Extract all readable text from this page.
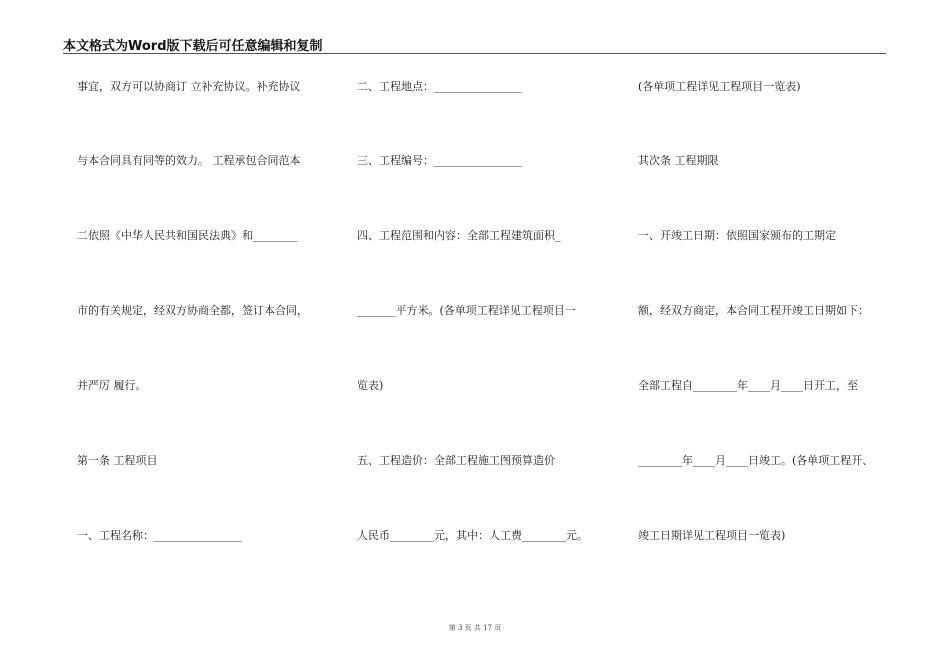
本文格式为Word版下载后可任意编辑和复制
事宜，双方可以协商订 立补充协议。补充协议
与本合同具有同等的效力。 工程承包合同范本
二依照《中华人民共和国民法典》和________
市的有关规定，经双方协商全都，签订本合同，
并严厉 履行。
第一条 工程项目
一、工程名称：________________
二、工程地点：________________
三、工程编号：________________
四、工程范围和内容：全部工程建筑面积_
_______平方米。(各单项工程详见工程项目一
览表)
五、工程造价：全部工程施工图预算造价
人民币________元，其中：人工费________元。
(各单项工程详见工程项目一览表)
其次条 工程期限
一、开竣工日期：依照国家颁布的工期定
额，经双方商定，本合同工程开竣工日期如下：
全部工程自________年____月____日开工，至
________年____月____日竣工。(各单项工程开、
竣工日期详见工程项目一览表)
第 3 页 共 17 页
